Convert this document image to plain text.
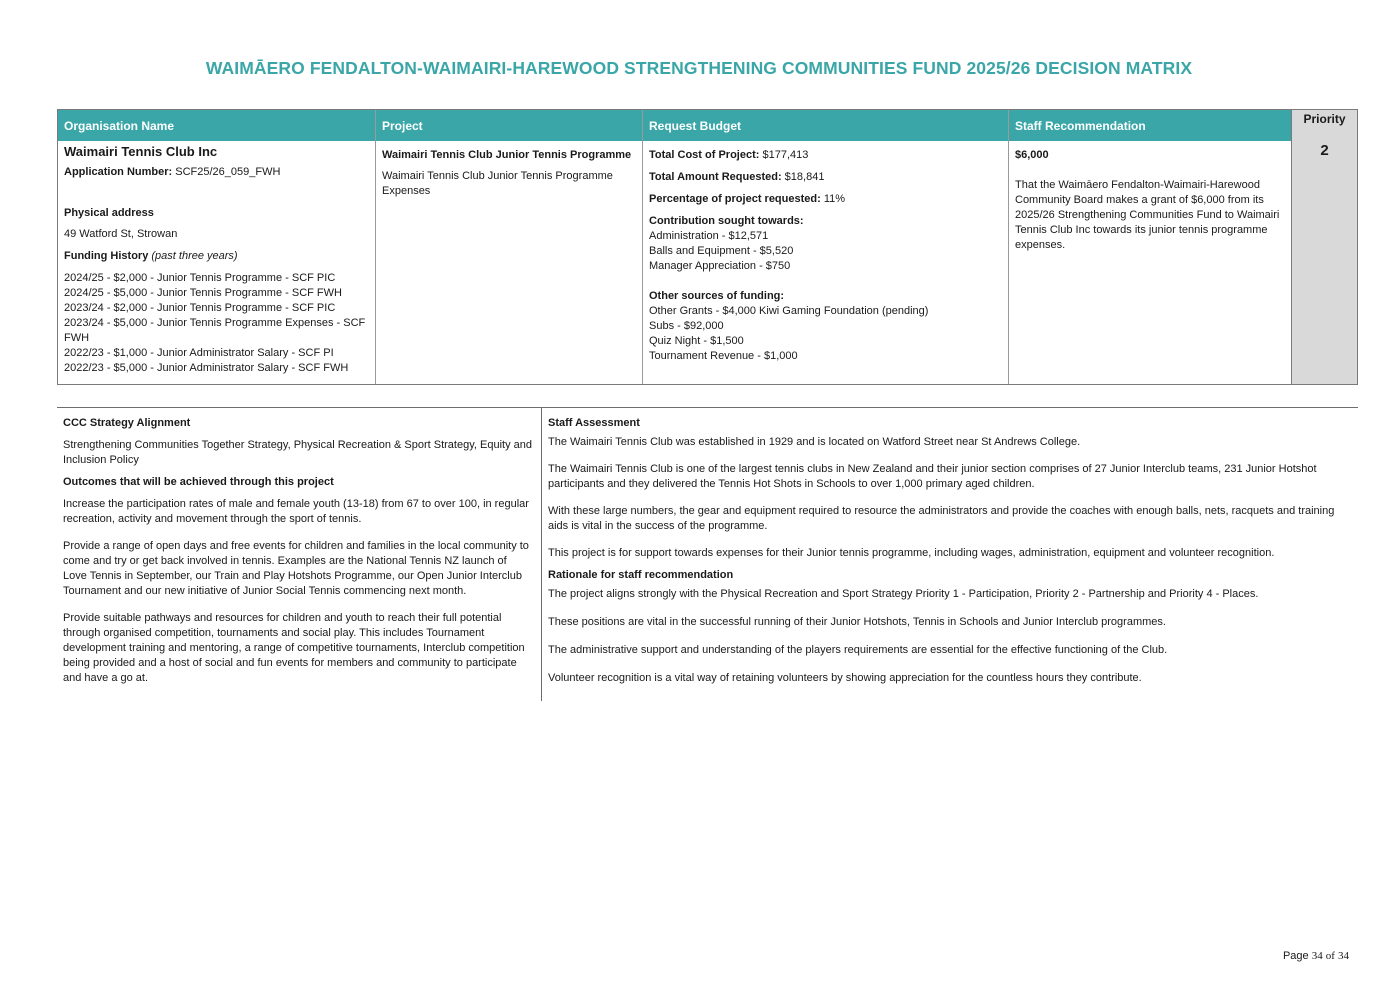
WAIMĀERO FENDALTON-WAIMAIRI-HAREWOOD STRENGTHENING COMMUNITIES FUND 2025/26 DECISION MATRIX
Organisation Name

Waimairi Tennis Club Inc

Application Number: SCF25/26_059_FWH

Physical address

49 Watford St, Strowan

Funding History (past three years)

2024/25 - $2,000 - Junior Tennis Programme - SCF PIC

2024/25 - $5,000 - Junior Tennis Programme - SCF FWH

2023/24 - $2,000 - Junior Tennis Programme - SCF PIC

2023/24 - $5,000 - Junior Tennis Programme Expenses - SCF FWH

2022/23 - $1,000 - Junior Administrator Salary - SCF PI

2022/23 - $5,000 - Junior Administrator Salary - SCF FWH

Project

Waimairi Tennis Club Junior Tennis Programme

Waimairi Tennis Club Junior Tennis Programme Expenses

Request Budget

Total Cost of Project: $177,413

Total Amount Requested: $18,841

Percentage of project requested: 11%

Contribution sought towards:

Administration - $12,571

Balls and Equipment - $5,520

Manager Appreciation - $750

Other sources of funding:

Other Grants - $4,000 Kiwi Gaming Foundation (pending)

Subs - $92,000

Quiz Night - $1,500

Tournament Revenue - $1,000

Staff Recommendation

$6,000

That the Waimāero Fendalton-Waimairi-Harewood Community Board makes a grant of $6,000 from its 2025/26 Strengthening Communities Fund to Waimairi Tennis Club Inc towards its junior tennis programme expenses.

Priority
2

CCC Strategy Alignment

Strengthening Communities Together Strategy, Physical Recreation & Sport Strategy, Equity and Inclusion Policy

Outcomes that will be achieved through this project

Increase the participation rates of male and female youth (13-18) from 67 to over 100, in regular recreation, activity and movement through the sport of tennis.

Provide a range of open days and free events for children and families in the local community to come and try or get back involved in tennis. Examples are the National Tennis NZ launch of Love Tennis in September, our Train and Play Hotshots Programme, our Open Junior Interclub Tournament and our new initiative of Junior Social Tennis commencing next month.

Provide suitable pathways and resources for children and youth to reach their full potential through organised competition, tournaments and social play. This includes Tournament development training and mentoring, a range of competitive tournaments, Interclub competition being provided and a host of social and fun events for members and community to participate and have a go at.

Staff Assessment

The Waimairi Tennis Club was established in 1929 and is located on Watford Street near St Andrews College.

The Waimairi Tennis Club is one of the largest tennis clubs in New Zealand and their junior section comprises of 27 Junior Interclub teams, 231 Junior Hotshot participants and they delivered the Tennis Hot Shots in Schools to over 1,000 primary aged children.

With these large numbers, the gear and equipment required to resource the administrators and provide the coaches with enough balls, nets, racquets and training aids is vital in the success of the programme.

This project is for support towards expenses for their Junior tennis programme, including wages, administration, equipment and volunteer recognition.

Rationale for staff recommendation

The project aligns strongly with the Physical Recreation and Sport Strategy Priority 1 - Participation, Priority 2 - Partnership and Priority 4 - Places.

These positions are vital in the successful running of their Junior Hotshots, Tennis in Schools and Junior Interclub programmes.

The administrative support and understanding of the players requirements are essential for the effective functioning of the Club.

Volunteer recognition is a vital way of retaining volunteers by showing appreciation for the countless hours they contribute.

Page 34 of 34
